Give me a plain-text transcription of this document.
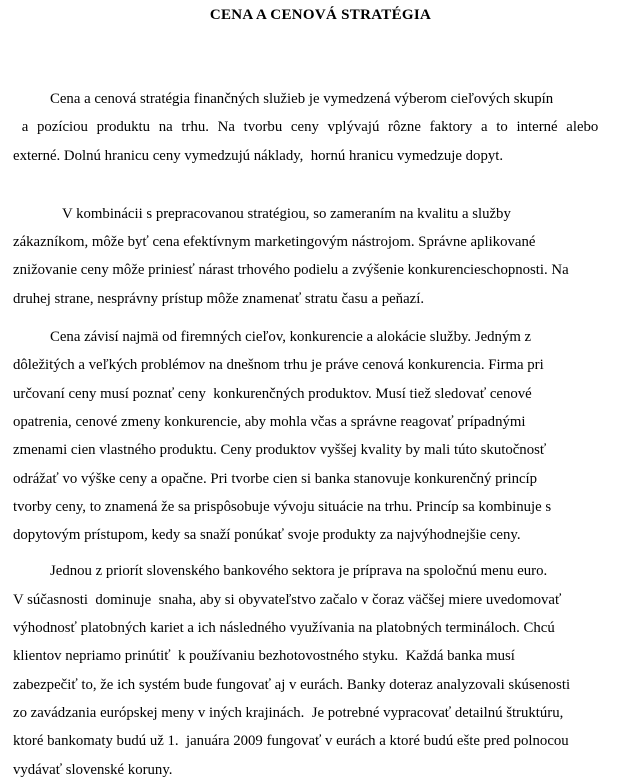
CENA A CENOVÁ STRATÉGIA
Cena a cenová stratégia finančných služieb je vymedzená výberom cieľových skupín
a pozíciou produktu na trhu. Na tvorbu ceny vplývajú rôzne faktory a to interné alebo
externé. Dolnú hranicu ceny vymedzujú náklady,  hornú hranicu vymedzuje dopyt.
V kombinácii s prepracovanou stratégiou, so zameraním na kvalitu a služby
zákazníkom, môže byť cena efektívnym marketingovým nástrojom. Správne aplikované
znižovanie ceny môže priniesť nárast trhového podielu a zvýšenie konkurencieschopnosti. Na
druhej strane, nesprávny prístup môže znamenať stratu času a peňazí.
Cena závisí najmä od firemných cieľov, konkurencie a alokácie služby. Jedným z
dôležitých a veľkých problémov na dnešnom trhu je práve cenová konkurencia. Firma pri
určovaní ceny musí poznať ceny  konkurenčných produktov. Musí tiež sledovať cenové
opatrenia, cenové zmeny konkurencie, aby mohla včas a správne reagovať prípadnými
zmenami cien vlastného produktu. Ceny produktov vyššej kvality by mali túto skutočnosť
odrážať vo výške ceny a opačne. Pri tvorbe cien si banka stanovuje konkurenčný princíp
tvorby ceny, to znamená že sa prispôsobuje vývoju situácie na trhu. Princíp sa kombinuje s
dopytovým prístupom, kedy sa snaží ponúkať svoje produkty za najvýhodnejšie ceny.
Jednou z priorít slovenského bankového sektora je príprava na spoločnú menu euro.
V súčasnosti  dominuje  snaha, aby si obyvateľstvo začalo v čoraz väčšej miere uvedomovať
výhodnosť platobných kariet a ich následného využívania na platobných termináloch. Chcú
klientov nepriamo prinútiť  k používaniu bezhotovostného styku.  Každá banka musí
zabezpečiť to, že ich systém bude fungovať aj v eurách. Banky doteraz analyzovali skúsenosti
zo zavádzania európskej meny v iných krajinách.  Je potrebné vypracovať detailnú štruktúru,
ktoré bankomaty budú už 1.  januára 2009 fungovať v eurách a ktoré budú ešte pred polnocou
vydávať slovenské koruny.
